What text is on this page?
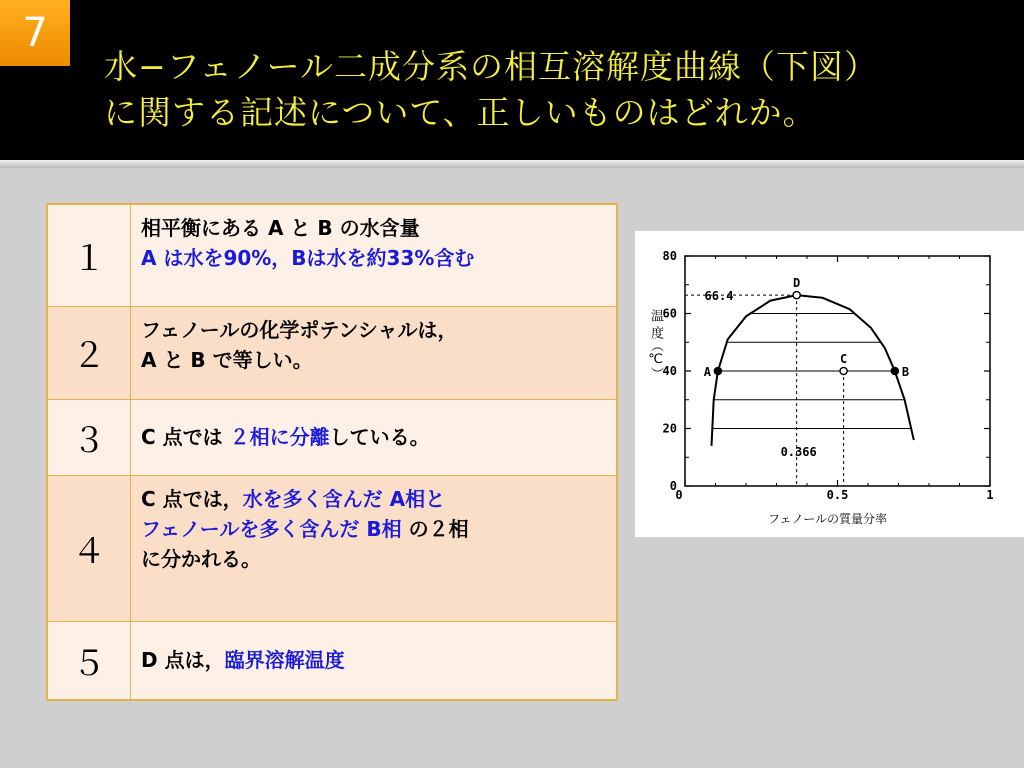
7
水−フェノール二成分系の相互溶解度曲線（下図）
に関する記述について、正しいものはどれか。
１	相平衡にある A と B の水含量
A は水を90%，Bは水を約33%含む

２	フェノールの化学ポテンシャルは，
A と B で等しい。

３	C 点では ２相に分離している。

４	C 点では，水を多く含んだ A相と
フェノールを多く含んだ B相 の２相
に分かれる。

５	D 点は，臨界溶解温度
0
20
40
60
80
0	0.5	1
66.4
0.366
A	B
C
D
フェノールの質量分率
温 度（℃）
